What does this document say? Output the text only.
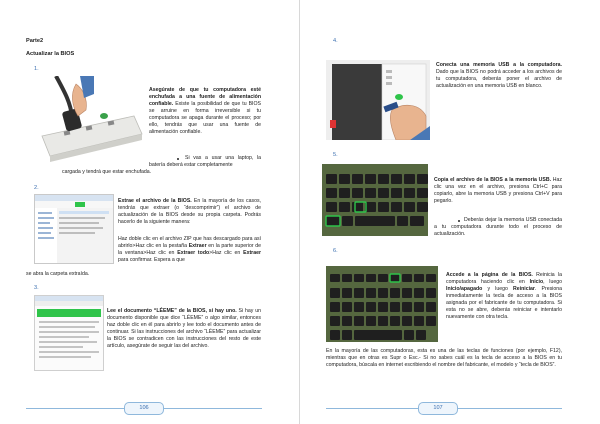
Parte2
Actualizar la BIOS
1.
Asegúrate de que tu computadora esté enchufada a una fuente de alimentación confiable. Existe la posibilidad de que tu BIOS se arruine en forma irreversible si tu computadora se apaga durante el proceso; por ello, tendrás que usar una fuente de alimentación confiable.
Si vas a usar una laptop, la batería deberá estar completamente
cargada y tendrá que estar enchufada.
2.
Extrae el archivo de la BIOS. En la mayoría de los casos, tendrás que extraer (o “descomprimir”) el archivo de actualización de la BIOS desde su propia carpeta. Podrás hacerlo de la siguiente manera:
Haz doble clic en el archivo ZIP que has descargado para así abrirlo>Haz clic en la pestaña Extraer en la parte superior de la ventana>Haz clic en Extraer todo>Haz clic en Extraer para confirmar. Espera a que
se abra la carpeta extraída.
3.
Lee el documento “LÉEME” de la BIOS, si hay uno. Si hay un documento disponible que dice “LÉEME” o algo similar, entonces haz doble clic en él para abrirlo y lee todo el documento antes de continuar. Si las instrucciones del archivo “LÉEME” para actualizar la BIOS se contradicen con las instrucciones del resto de este artículo, asegúrate de seguir las del archivo.
106
4.
Conecta una memoria USB a la computadora. Dado que la BIOS no podrá acceder a los archivos de tu computadora, deberás poner el archivo de actualización en una memoria USB en blanco.
5.
Copia el archivo de la BIOS a la memoria USB. Haz clic una vez en el archivo, presiona Ctrl+C para copiarlo, abre la memoria USB y presiona Ctrl+V para pegarlo.
Deberás dejar la memoria USB conectada a tu computadora durante todo el proceso de actualización.
6.
Accede a la página de la BIOS. Reinicia la computadora haciendo clic en Inicio, luego Inicio/apagado y luego Reiniciar. Presiona inmediatamente la tecla de acceso a la BIOS asignada por el fabricante de tu computadora. Si esta no se abre, deberás reiniciar e intentarlo nuevamente con otra tecla.
En la mayoría de las computadoras, esta es una de las teclas de funciones (por ejemplo, F12), mientras que en otras es Supr o Esc.- Si no sabes cuál es la tecla de acceso a la BIOS en tu computadora, búscala en internet escribiendo el nombre del fabricante, el modelo y “tecla de BIOS”.
107
